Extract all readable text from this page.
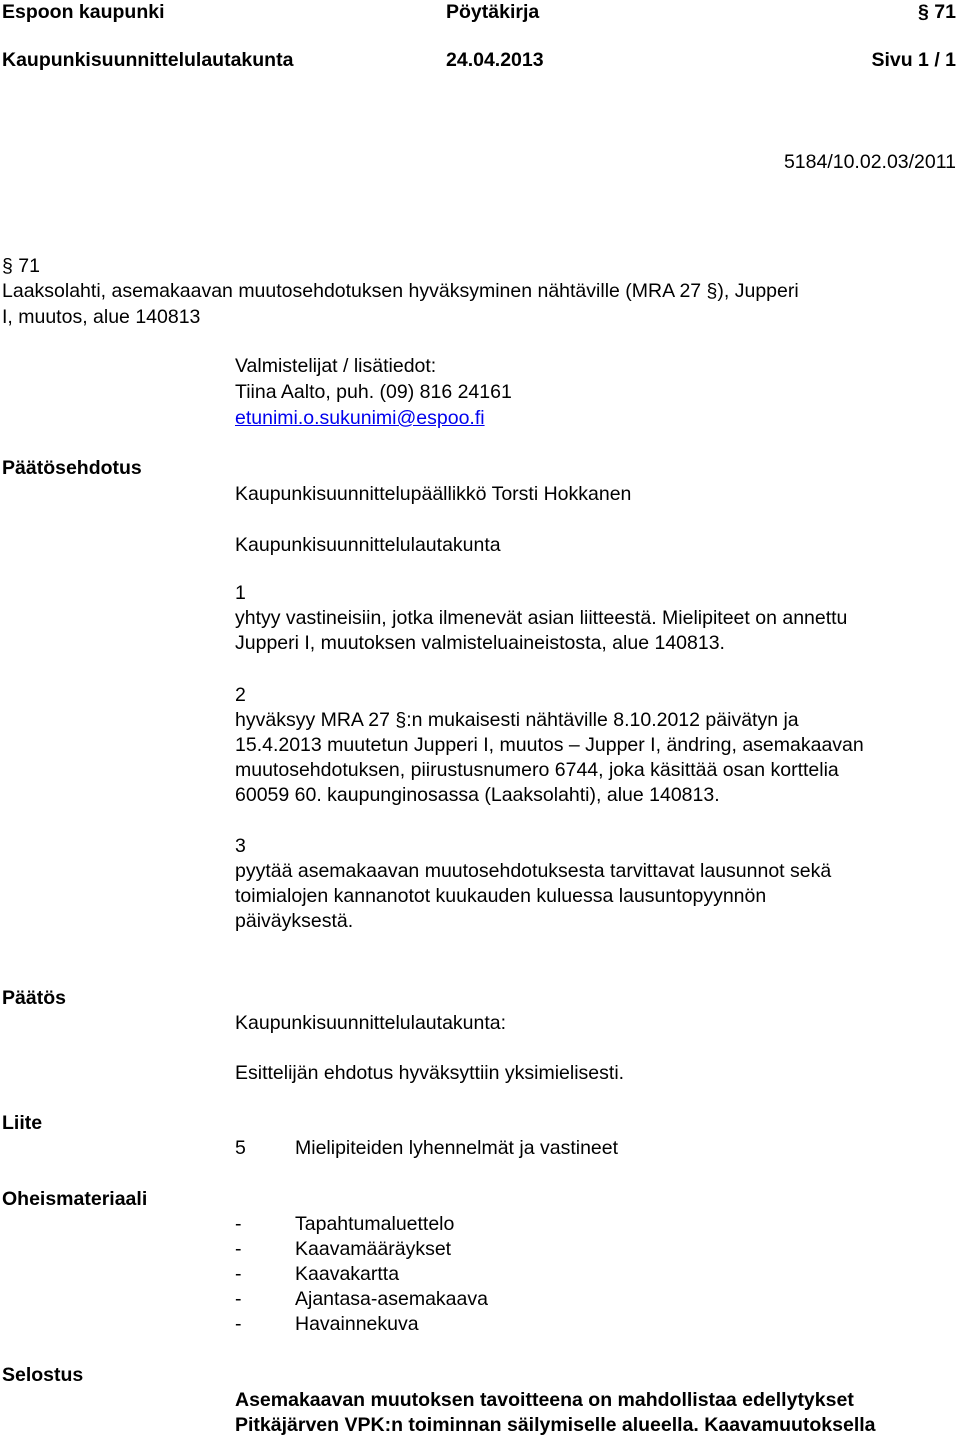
Espoon kaupunki	Pöytäkirja	§ 71
Kaupunkisuunnittelulautakunta	24.04.2013	Sivu 1 / 1
5184/10.02.03/2011
§ 71
Laaksolahti, asemakaavan muutosehdotuksen hyväksyminen nähtäville (MRA 27 §), Jupperi
I, muutos, alue 140813
Valmistelijat / lisätiedot:
Tiina Aalto, puh. (09) 816 24161
etunimi.o.sukunimi@espoo.fi
Päätösehdotus
Kaupunkisuunnittelupäällikkö Torsti Hokkanen
Kaupunkisuunnittelulautakunta
1
yhtyy vastineisiin, jotka ilmenevät asian liitteestä. Mielipiteet on annettu
Jupperi I, muutoksen valmisteluaineistosta, alue 140813.
2
hyväksyy MRA 27 §:n mukaisesti nähtäville 8.10.2012 päivätyn ja
15.4.2013 muutetun Jupperi I, muutos – Jupper I, ändring, asemakaavan
muutosehdotuksen, piirustusnumero 6744, joka käsittää osan korttelia
60059 60. kaupunginosassa (Laaksolahti), alue 140813.
3
pyytää asemakaavan muutosehdotuksesta tarvittavat lausunnot sekä
toimialojen kannanotot kuukauden kuluessa lausuntopyynnön
päiväyksestä.
Päätös
Kaupunkisuunnittelulautakunta:
Esittelijän ehdotus hyväksyttiin yksimielisesti.
Liite
5	Mielipiteiden lyhennelmät ja vastineet
Oheismateriaali
-	Tapahtumaluettelo
-	Kaavamääräykset
-	Kaavakartta
-	Ajantasa-asemakaava
-	Havainnekuva
Selostus
Asemakaavan muutoksen tavoitteena on mahdollistaa edellytykset
Pitkäjärven VPK:n toiminnan säilymiselle alueella. Kaavamuutoksella
